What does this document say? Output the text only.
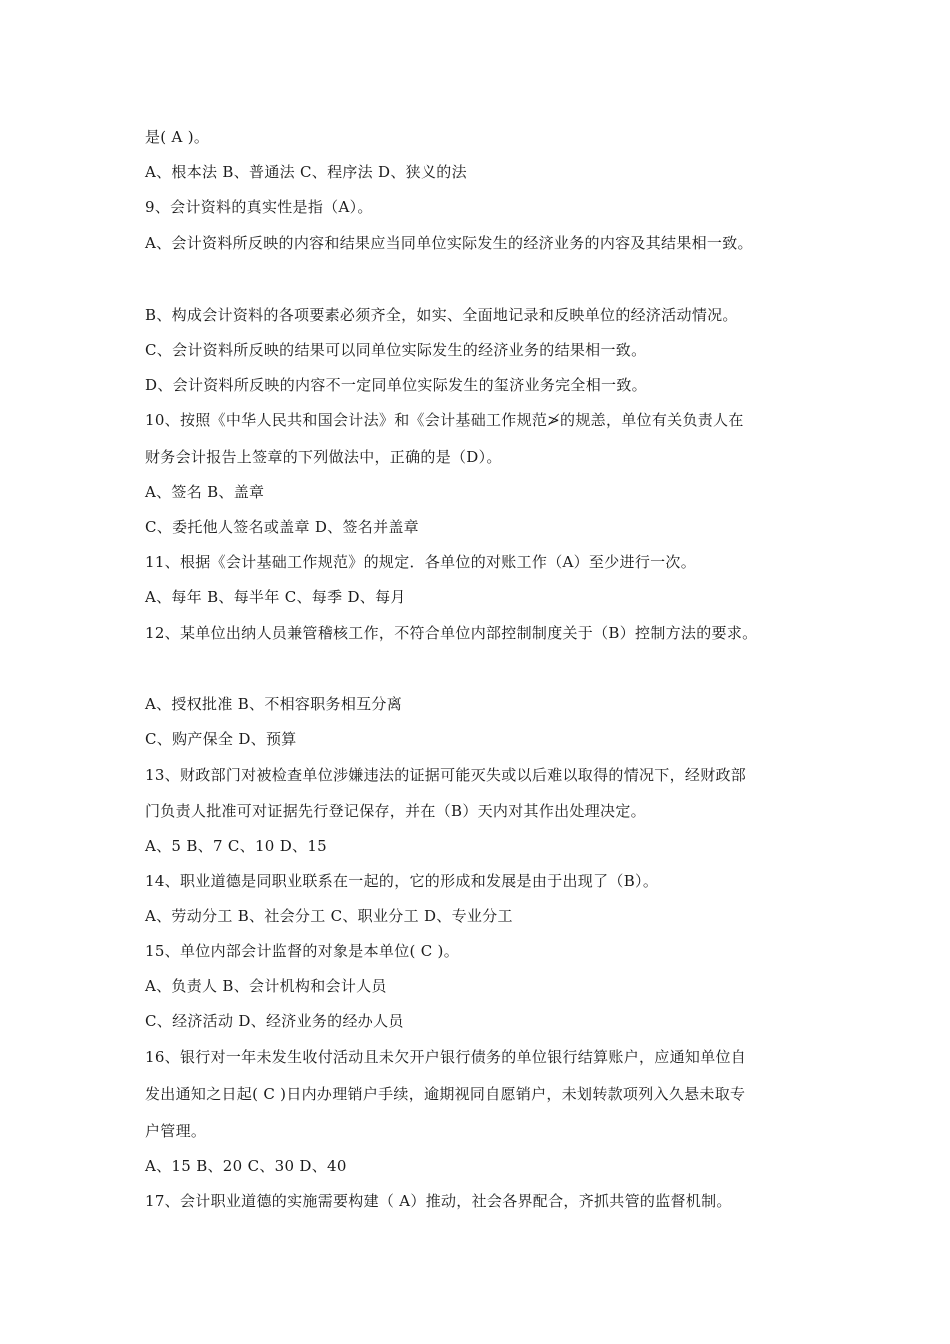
是( A )。
A、根本法 B、普通法 C、程序法 D、狭义的法
9、会计资料的真实性是指（A）。
A、会计资料所反映的内容和结果应当同单位实际发生的经济业务的内容及其结果相一致。
B、构成会计资料的各项要素必须齐全，如实、全面地记录和反映单位的经济活动情况。
C、会计资料所反映的结果可以同单位实际发生的经济业务的结果相一致。
D、会计资料所反映的内容不一定同单位实际发生的玺济业务完全相一致。
10、按照《中华人民共和国会计法》和《会计基础工作规范≯的规恙，单位有关负责人在
财务会计报告上签章的下列做法中，正确的是（D）。
A、签名 B、盖章
C、委托他人签名或盖章 D、签名并盖章
11、根据《会计基础工作规范》的规定．各单位的对账工作（A）至少进行一次。
A、每年 B、每半年 C、每季 D、每月
12、某单位出纳人员兼管稽核工作，不符合单位内部控制制度关于（B）控制方法的要求。
A、授权批准 B、不相容职务相互分离
C、购产保全 D、预算
13、财政部门对被检查单位涉嫌违法的证据可能灭失或以后难以取得的情况下，经财政部
门负责人批准可对证据先行登记保存，并在（B）天内对其作出处理决定。
A、5 B、7 C、10 D、15
14、职业道德是同职业联系在一起的，它的形成和发展是由于出现了（B）。
A、劳动分工 B、社会分工 C、职业分工 D、专业分工
15、单位内部会计监督的对象是本单位( C )。
A、负责人 B、会计机构和会计人员
C、经济活动 D、经济业务的经办人员
16、银行对一年未发生收付活动且未欠开户银行债务的单位银行结算账户，应通知单位自
发出通知之日起( C )日内办理销户手续，逾期视同自愿销户，未划转款项列入久悬未取专
户管理。
A、15 B、20 C、30 D、40
17、会计职业道德的实施需要构建（ A）推动，社会各界配合，齐抓共管的监督机制。
